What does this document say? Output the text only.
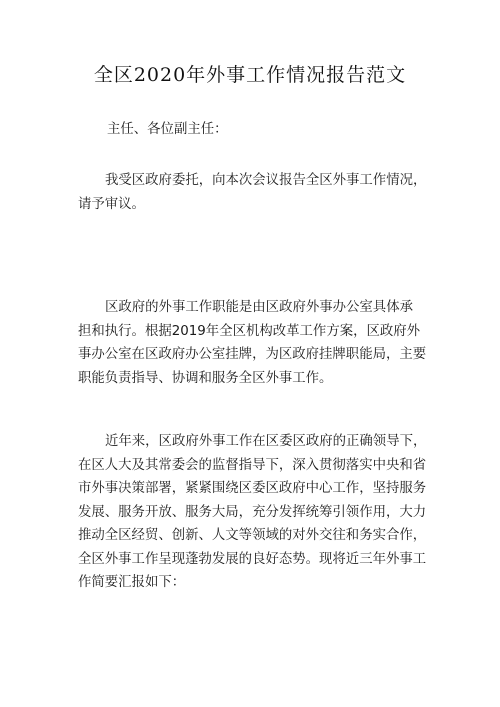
全区2020年外事工作情况报告范文
主任、各位副主任：
我受区政府委托，向本次会议报告全区外事工作情况，
请予审议。
区政府的外事工作职能是由区政府外事办公室具体承
担和执行。根据2019年全区机构改革工作方案，区政府外
事办公室在区政府办公室挂牌，为区政府挂牌职能局，主要
职能负责指导、协调和服务全区外事工作。
近年来，区政府外事工作在区委区政府的正确领导下，
在区人大及其常委会的监督指导下，深入贯彻落实中央和省
市外事决策部署，紧紧围绕区委区政府中心工作，坚持服务
发展、服务开放、服务大局，充分发挥统筹引领作用，大力
推动全区经贸、创新、人文等领域的对外交往和务实合作，
全区外事工作呈现蓬勃发展的良好态势。现将近三年外事工
作简要汇报如下：
